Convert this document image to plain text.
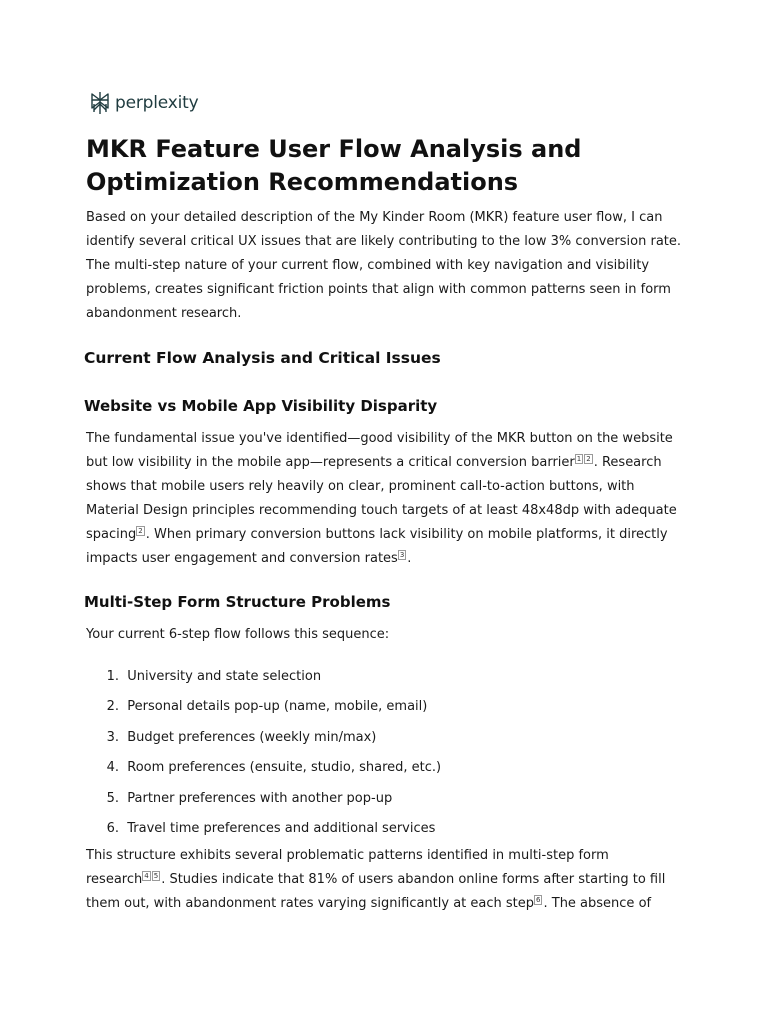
perplexity
MKR Feature User Flow Analysis and Optimization Recommendations

Based on your detailed description of the My Kinder Room (MKR) feature user flow, I can identify several critical UX issues that are likely contributing to the low 3% conversion rate. The multi-step nature of your current flow, combined with key navigation and visibility problems, creates significant friction points that align with common patterns seen in form abandonment research.

Current Flow Analysis and Critical Issues
Website vs Mobile App Visibility Disparity

The fundamental issue you've identified—good visibility of the MKR button on the website but low visibility in the mobile app—represents a critical conversion barrier $^{1 2}$ . Research shows that mobile users rely heavily on clear, prominent call-to-action buttons, with Material Design principles recommending touch targets of at least 48x48dp with adequate spacing $^2$ . When primary conversion buttons lack visibility on mobile platforms, it directly impacts user engagement and conversion rates $^3$ .

Multi-Step Form Structure Problems

Your current 6-step flow follows this sequence:

1.
University and state selection
2.
Personal details pop-up (name, mobile, email)
3.
Budget preferences (weekly min/max)
4.
Room preferences (ensuite, studio, shared, etc.)
5.
Partner preferences with another pop-up
6.
Travel time preferences and additional services

This structure exhibits several problematic patterns identified in multi-step form research $^{4 5}$ . Studies indicate that 81% of users abandon online forms after starting to fill them out, with abandonment rates varying significantly at each step $^6$ . The absence of
